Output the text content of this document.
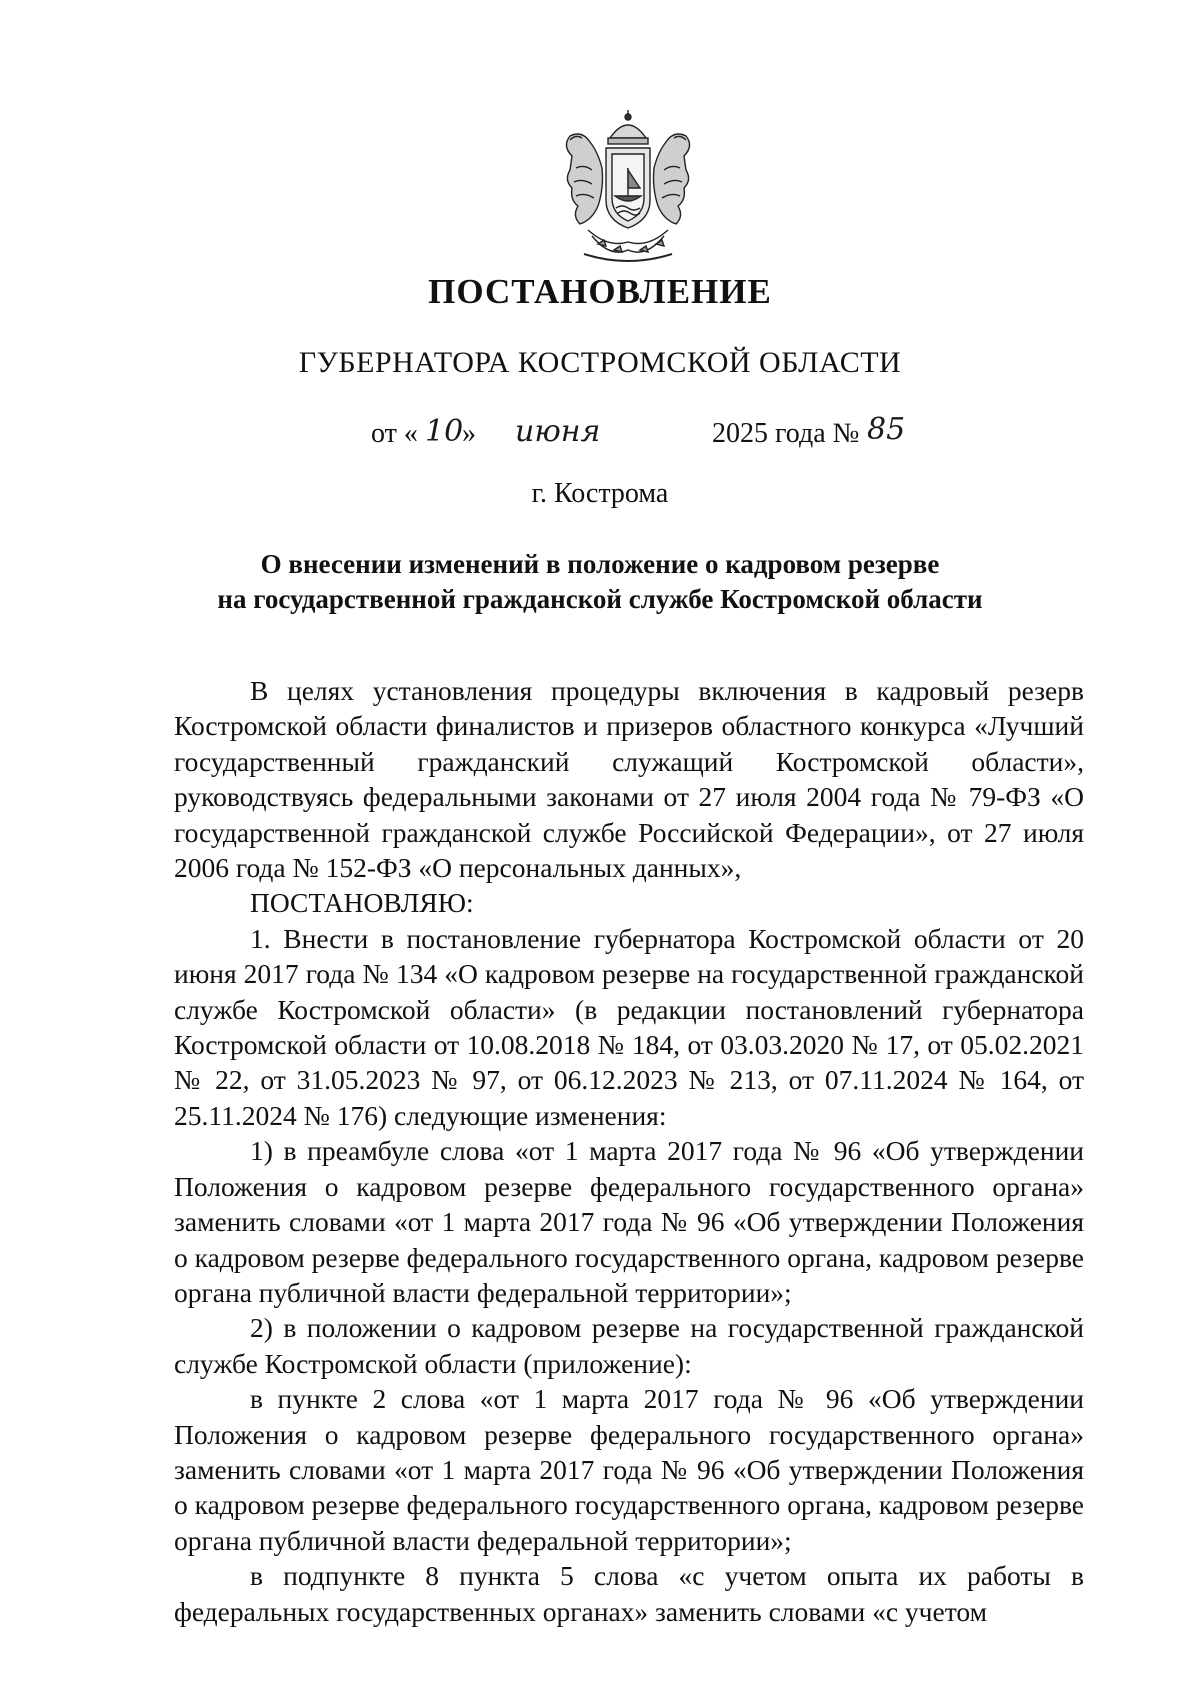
ПОСТАНОВЛЕНИЕ
ГУБЕРНАТОРА КОСТРОМСКОЙ ОБЛАСТИ
от « 10
» июня	2025 года № 85
г. Кострома
О внесении изменений в положение о кадровом резерве
на государственной гражданской службе Костромской области

В целях установления процедуры включения в кадровый резерв Костромской области финалистов и призеров областного конкурса «Лучший государственный гражданский служащий Костромской области», руководствуясь федеральными законами от 27 июля 2004 года № 79-ФЗ «О государственной гражданской службе Российской Федерации», от 27 июля 2006 года № 152-ФЗ «О персональных данных»,

ПОСТАНОВЛЯЮ:

1. Внести в постановление губернатора Костромской области от 20 июня 2017 года № 134 «О кадровом резерве на государственной гражданской службе Костромской области» (в редакции постановлений губернатора Костромской области от 10.08.2018 № 184, от 03.03.2020 № 17, от 05.02.2021 № 22, от 31.05.2023 № 97, от 06.12.2023 № 213, от 07.11.2024 № 164, от 25.11.2024 № 176) следующие изменения:

1) в преамбуле слова «от 1 марта 2017 года № 96 «Об утверждении Положения о кадровом резерве федерального государственного органа» заменить словами «от 1 марта 2017 года № 96 «Об утверждении Положения о кадровом резерве федерального государственного органа, кадровом резерве органа публичной власти федеральной территории»;

2) в положении о кадровом резерве на государственной гражданской службе Костромской области (приложение):

в пункте 2 слова «от 1 марта 2017 года № 96 «Об утверждении Положения о кадровом резерве федерального государственного органа» заменить словами «от 1 марта 2017 года № 96 «Об утверждении Положения о кадровом резерве федерального государственного органа, кадровом резерве органа публичной власти федеральной территории»;

в подпункте 8 пункта 5 слова «с учетом опыта их работы в федеральных государственных органах» заменить словами «с учетом
